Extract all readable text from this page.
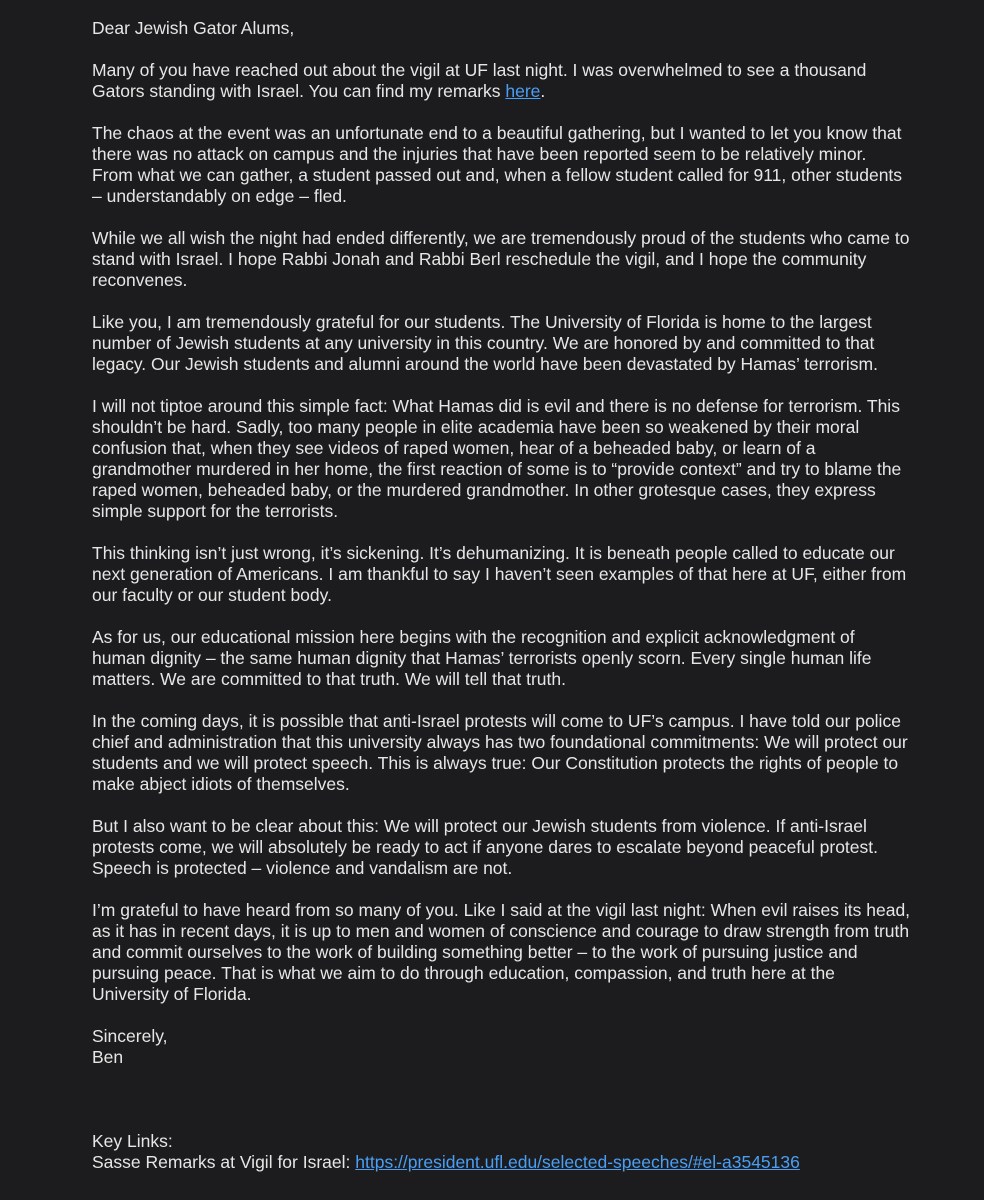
Dear Jewish Gator Alums,

Many of you have reached out about the vigil at UF last night. I was overwhelmed to see a thousand Gators standing with Israel. You can find my remarks here.

The chaos at the event was an unfortunate end to a beautiful gathering, but I wanted to let you know that there was no attack on campus and the injuries that have been reported seem to be relatively minor. From what we can gather, a student passed out and, when a fellow student called for 911, other students – understandably on edge – fled.

While we all wish the night had ended differently, we are tremendously proud of the students who came to stand with Israel. I hope Rabbi Jonah and Rabbi Berl reschedule the vigil, and I hope the community reconvenes.

Like you, I am tremendously grateful for our students. The University of Florida is home to the largest number of Jewish students at any university in this country. We are honored by and committed to that legacy. Our Jewish students and alumni around the world have been devastated by Hamas’ terrorism.

I will not tiptoe around this simple fact: What Hamas did is evil and there is no defense for terrorism. This shouldn’t be hard. Sadly, too many people in elite academia have been so weakened by their moral confusion that, when they see videos of raped women, hear of a beheaded baby, or learn of a grandmother murdered in her home, the first reaction of some is to “provide context” and try to blame the raped women, beheaded baby, or the murdered grandmother. In other grotesque cases, they express simple support for the terrorists.

This thinking isn’t just wrong, it’s sickening. It’s dehumanizing. It is beneath people called to educate our next generation of Americans. I am thankful to say I haven’t seen examples of that here at UF, either from our faculty or our student body.

As for us, our educational mission here begins with the recognition and explicit acknowledgment of human dignity – the same human dignity that Hamas’ terrorists openly scorn. Every single human life matters. We are committed to that truth. We will tell that truth.

In the coming days, it is possible that anti-Israel protests will come to UF’s campus. I have told our police chief and administration that this university always has two foundational commitments: We will protect our students and we will protect speech. This is always true: Our Constitution protects the rights of people to make abject idiots of themselves.

But I also want to be clear about this: We will protect our Jewish students from violence. If anti-Israel protests come, we will absolutely be ready to act if anyone dares to escalate beyond peaceful protest. Speech is protected – violence and vandalism are not.

I’m grateful to have heard from so many of you. Like I said at the vigil last night: When evil raises its head, as it has in recent days, it is up to men and women of conscience and courage to draw strength from truth and commit ourselves to the work of building something better – to the work of pursuing justice and pursuing peace. That is what we aim to do through education, compassion, and truth here at the University of Florida.

Sincerely,
Ben

Key Links:
Sasse Remarks at Vigil for Israel: https://president.ufl.edu/selected-speeches/#el-a3545136
